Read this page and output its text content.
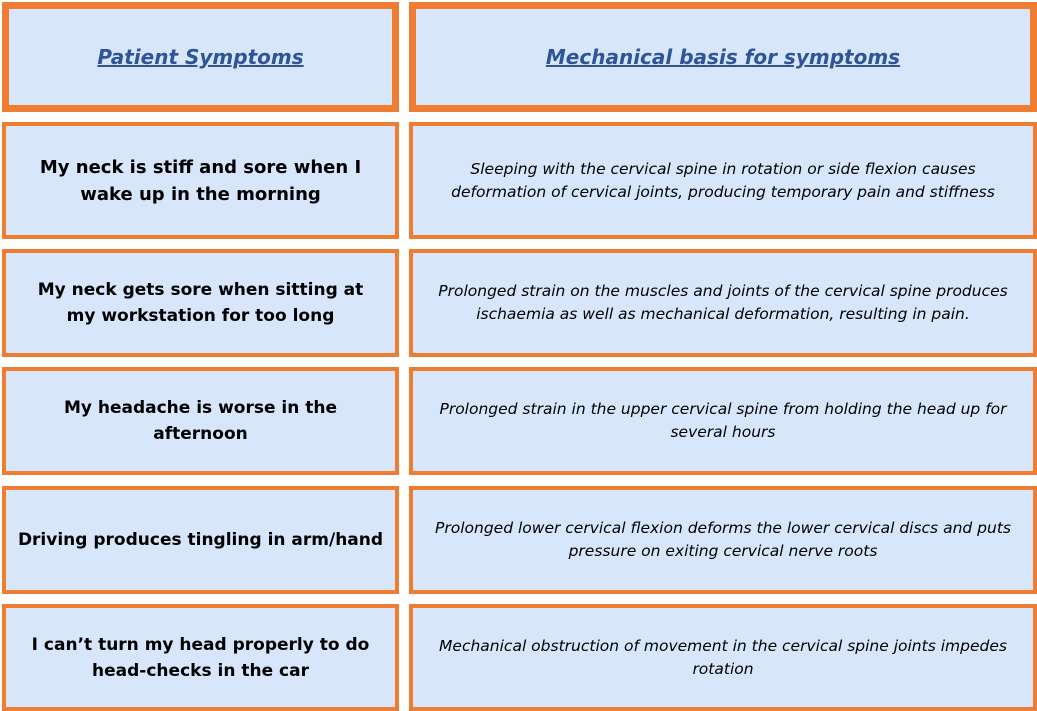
Patient Symptoms	Mechanical basis for symptoms
My neck is stiff and sore when I wake up in the morning
Sleeping with the cervical spine in rotation or side flexion causes deformation of cervical joints, producing temporary pain and stiffness
My neck gets sore when sitting at my workstation for too long
Prolonged strain on the muscles and joints of the cervical spine produces ischaemia as well as mechanical deformation, resulting in pain.
My headache is worse in the afternoon
Prolonged strain in the upper cervical spine from holding the head up for several hours
Driving produces tingling in arm/hand
Prolonged lower cervical flexion deforms the lower cervical discs and puts pressure on exiting cervical nerve roots
I can’t turn my head properly to do head-checks in the car
Mechanical obstruction of movement in the cervical spine joints impedes rotation
